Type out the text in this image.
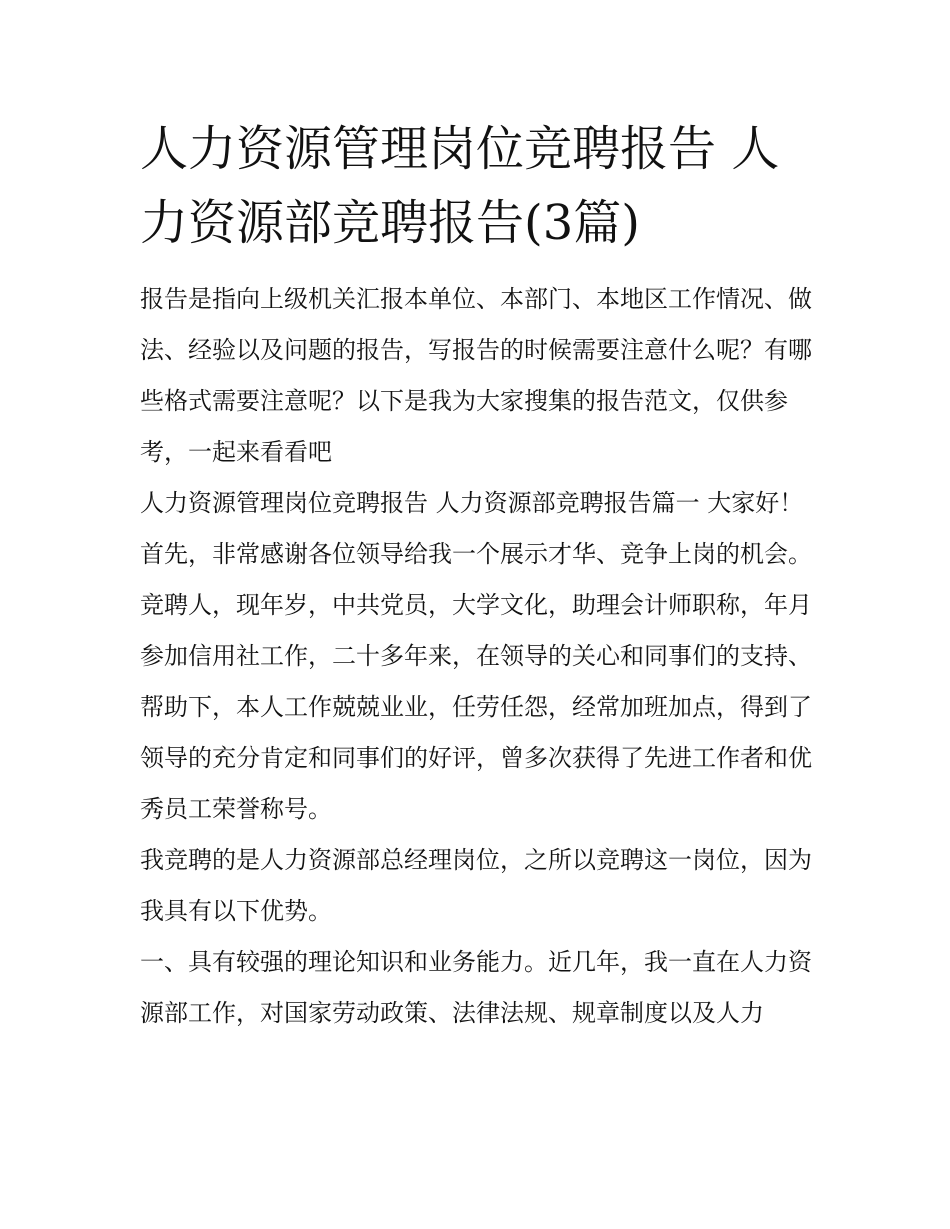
人力资源管理岗位竞聘报告 人力资源部竞聘报告(3篇)

报告是指向上级机关汇报本单位、本部门、本地区工作情况、做法、经验以及问题的报告，写报告的时候需要注意什么呢？有哪些格式需要注意呢？以下是我为大家搜集的报告范文，仅供参考，一起来看看吧

人力资源管理岗位竞聘报告 人力资源部竞聘报告篇一 大家好！

首先，非常感谢各位领导给我一个展示才华、竞争上岗的机会。竞聘人，现年岁，中共党员，大学文化，助理会计师职称，年月参加信用社工作，二十多年来，在领导的关心和同事们的支持、帮助下，本人工作兢兢业业，任劳任怨，经常加班加点，得到了领导的充分肯定和同事们的好评，曾多次获得了先进工作者和优秀员工荣誉称号。

我竞聘的是人力资源部总经理岗位，之所以竞聘这一岗位，因为我具有以下优势。

一、具有较强的理论知识和业务能力。近几年，我一直在人力资源部工作，对国家劳动政策、法律法规、规章制度以及人力
